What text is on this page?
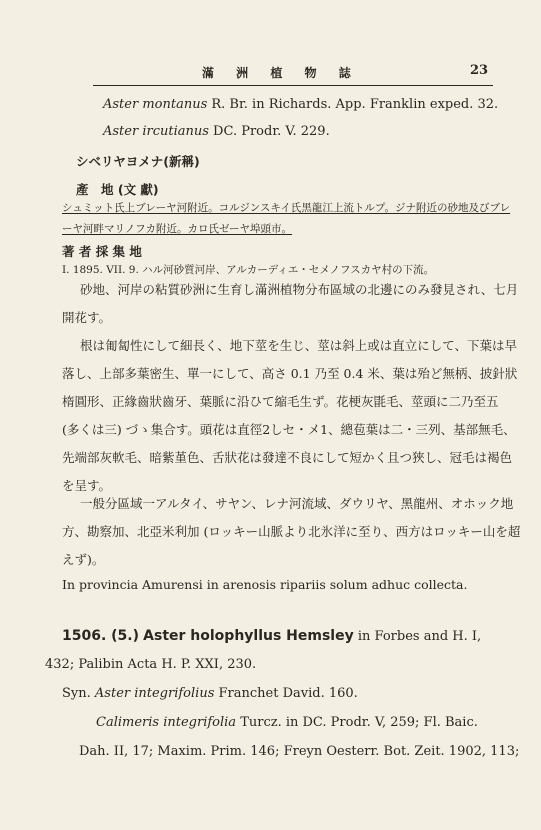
滿 洲 植 物 誌	23
Aster montanus R. Br. in Richards. App. Franklin exped. 32.
Aster ircutianus DC. Prodr. V. 229.
シベリヤヨメナ(新稱)
產　地 (文 獻)
シュミット氏上ブレーヤ河附近。コルジンスキイ氏黑龍江上流トルプ。ジナ附近の砂地及びブレ
ーヤ河畔マリノフカ附近。カロ氏ゼーヤ埠頭市。
著 者 採 集 地
I. 1895. VII. 9. ハル河砂質河岸、アルカーディエ・セメノフスカヤ村の下流。
砂地、河岸の粘質砂洲に生育し滿洲植物分布區域の北邊にのみ發見され、七月
開花す。
根は匍匐性にして細長く、地下莖を生じ、莖は斜上或は直立にして、下葉は早
落し、上部多葉密生、單一にして、高さ 0.1 乃至 0.4 米、葉は殆ど無柄、披針狀
楕圓形、正緣齒狀齒牙、葉脈に沿ひて縮毛生ず。花梗灰毷毛、莖頭に二乃至五
(多くは三) づゝ集合す。頭花は直徑2しセ・メ1、總苞葉は二・三列、基部無毛、
先端部灰軟毛、暗紫堇色、舌狀花は發達不良にして短かく且つ狹し、冠毛は褐色
を呈す。
一般分區域一アルタイ、サヤン、レナ河流域、ダウリヤ、黑龍州、オホック地
方、勘察加、北亞米利加 (ロッキー山脈より北氷洋に至り、西方はロッキー山を超
えず)。
In provincia Amurensi in arenosis ripariis solum adhuc collecta.
1506. (5.) Aster holophyllus Hemsley in Forbes and H. I,
432; Palibin Acta H. P. XXI, 230.
Syn. Aster integrifolius Franchet David. 160.
Calimeris integrifolia Turcz. in DC. Prodr. V, 259; Fl. Baic.
Dah. II, 17; Maxim. Prim. 146; Freyn Oesterr. Bot. Zeit. 1902, 113;
